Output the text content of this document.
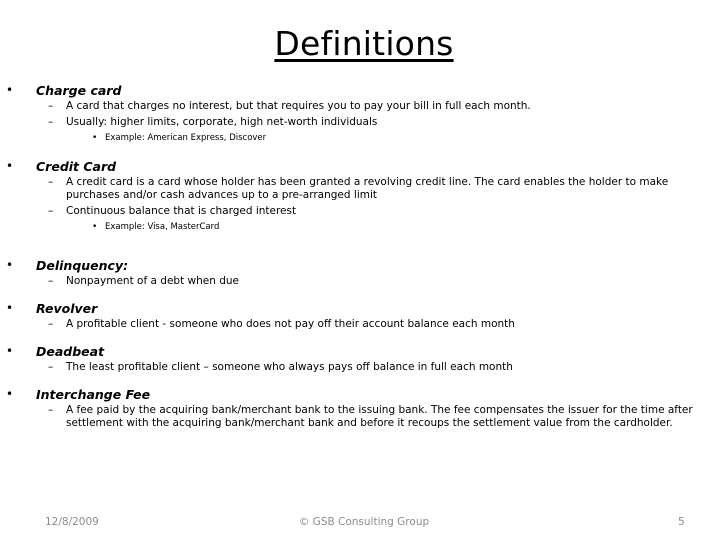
Definitions
• Charge card
– A card that charges no interest, but that requires you to pay your bill in full each month.
– Usually: higher limits, corporate, high net-worth individuals
• Example: American Express, Discover
• Credit Card
– A credit card is a card whose holder has been granted a revolving credit line. The card enables the holder to make purchases and/or cash advances up to a pre-arranged limit
– Continuous balance that is charged interest
• Example: Visa, MasterCard
• Delinquency:
– Nonpayment of a debt when due
• Revolver
– A profitable client - someone who does not pay off their account balance each month
• Deadbeat
– The least profitable client – someone who always pays off balance in full each month
• Interchange Fee
– A fee paid by the acquiring bank/merchant bank to the issuing bank. The fee compensates the issuer for the time after settlement with the acquiring bank/merchant bank and before it recoups the settlement value from the cardholder.
12/8/2009	© GSB Consulting Group	5
